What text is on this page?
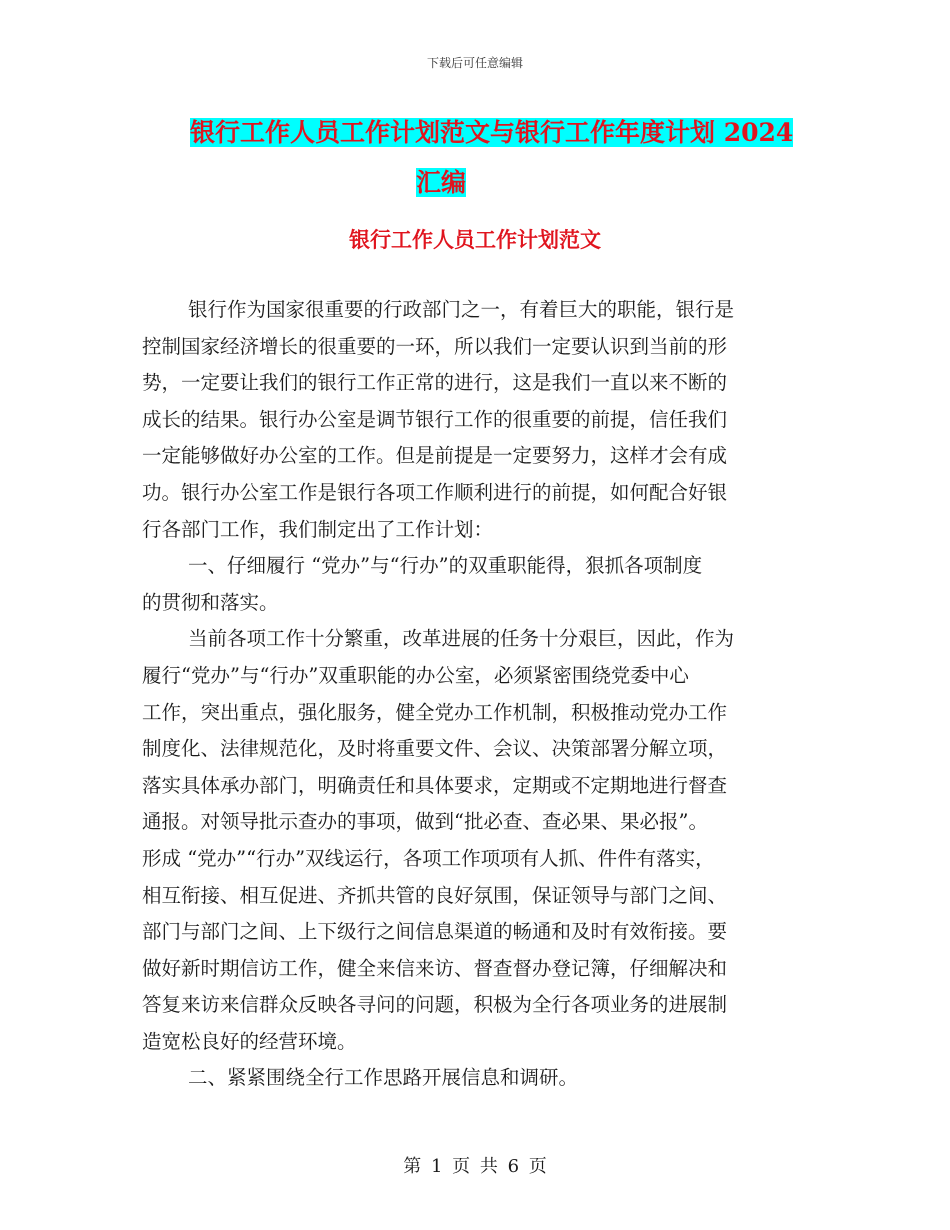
下载后可任意编辑
银行工作人员工作计划范文与银行工作年度计划 2024
汇编
银行工作人员工作计划范文
银行作为国家很重要的行政部门之一，有着巨大的职能，银行是
控制国家经济增长的很重要的一环，所以我们一定要认识到当前的形
势，一定要让我们的银行工作正常的进行，这是我们一直以来不断的
成长的结果。银行办公室是调节银行工作的很重要的前提，信任我们
一定能够做好办公室的工作。但是前提是一定要努力，这样才会有成
功。银行办公室工作是银行各项工作顺利进行的前提，如何配合好银
行各部门工作，我们制定出了工作计划：
一、仔细履行 “党办”与“行办”的双重职能得，狠抓各项制度
的贯彻和落实。
当前各项工作十分繁重，改革进展的任务十分艰巨，因此，作为
履行“党办”与“行办”双重职能的办公室，必须紧密围绕党委中心
工作，突出重点，强化服务，健全党办工作机制，积极推动党办工作
制度化、法律规范化，及时将重要文件、会议、决策部署分解立项，
落实具体承办部门，明确责任和具体要求，定期或不定期地进行督查
通报。对领导批示查办的事项，做到“批必查、查必果、果必报”。
形成 “党办”“行办”双线运行，各项工作项项有人抓、件件有落实，
相互衔接、相互促进、齐抓共管的良好氛围，保证领导与部门之间、
部门与部门之间、上下级行之间信息渠道的畅通和及时有效衔接。要
做好新时期信访工作，健全来信来访、督查督办登记簿，仔细解决和
答复来访来信群众反映各寻问的问题，积极为全行各项业务的进展制
造宽松良好的经营环境。
二、紧紧围绕全行工作思路开展信息和调研。
第 1 页 共 6 页
